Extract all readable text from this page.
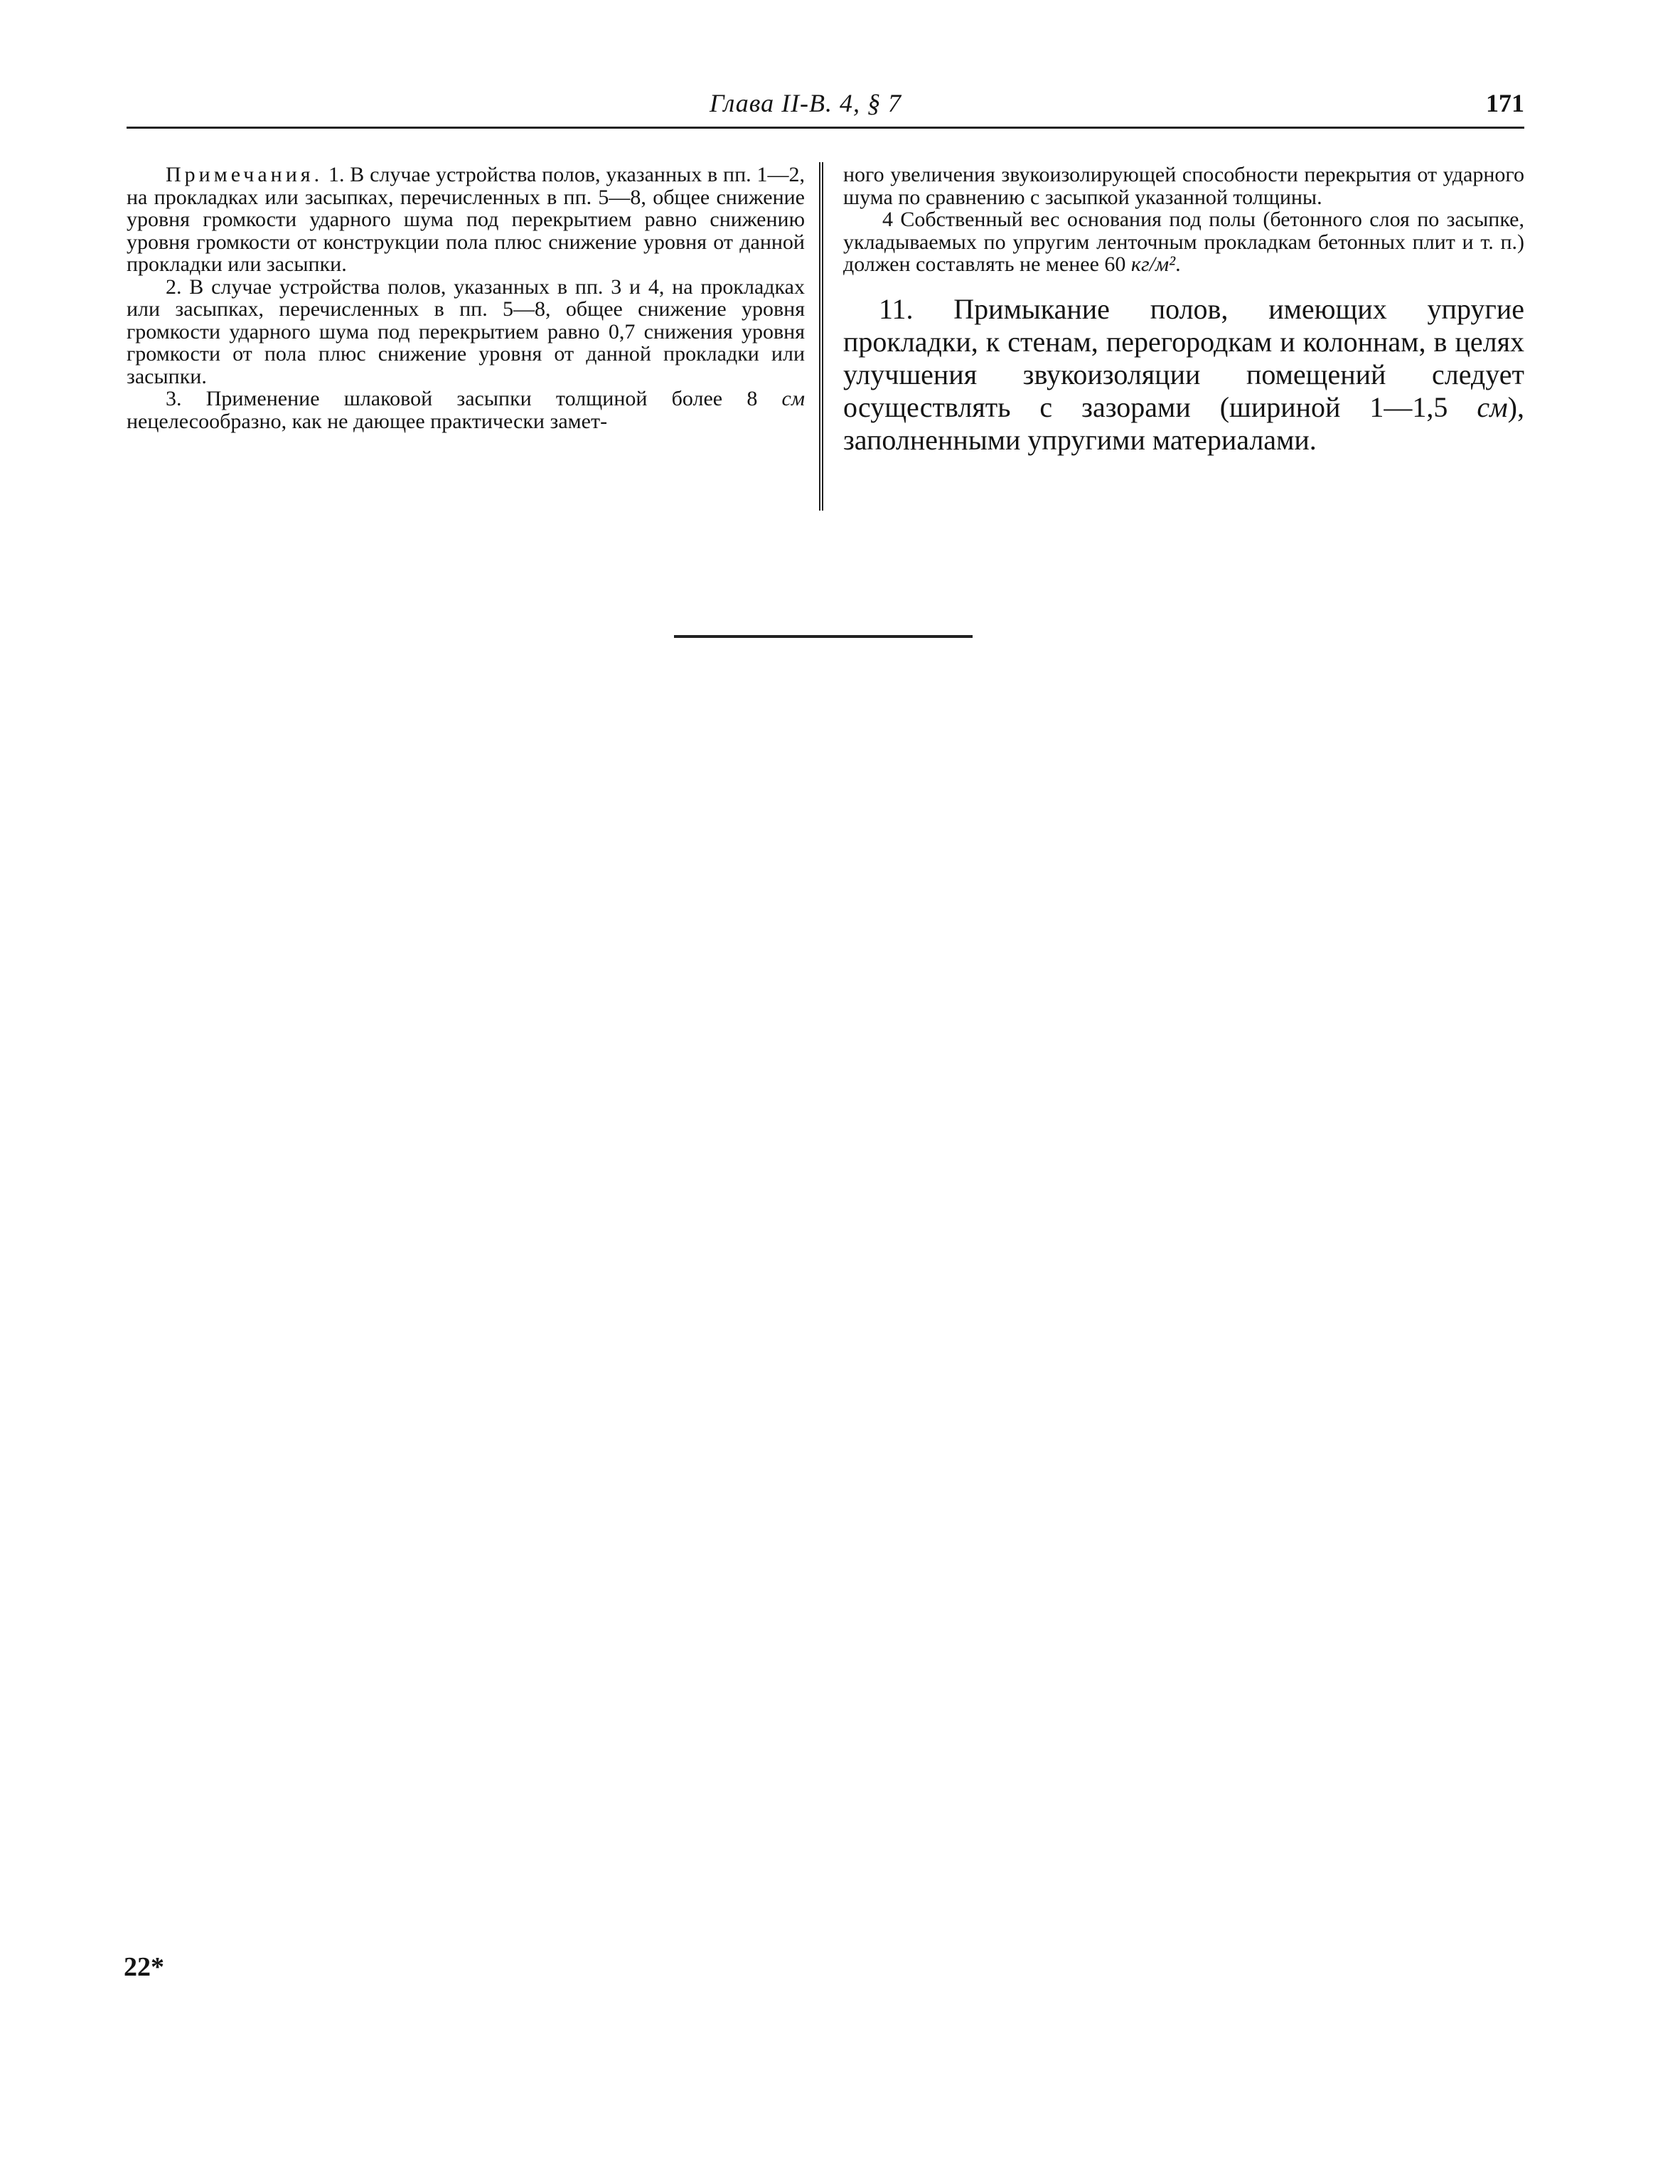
Глава II-В. 4, § 7	171

Примечания. 1. В случае устройства полов, указанных в пп. 1—2, на прокладках или засыпках, перечисленных в пп. 5—8, общее снижение уровня громкости ударного шума под перекрытием равно снижению уровня громкости от конструкции пола плюс снижение уровня от данной прокладки или засыпки.

2. В случае устройства полов, указанных в пп. 3 и 4, на прокладках или засыпках, перечисленных в пп. 5—8, общее снижение уровня громкости ударного шума под перекрытием равно 0,7 снижения уровня громкости от пола плюс снижение уровня от данной прокладки или засыпки.

3. Применение шлаковой засыпки толщиной более 8 см нецелесообразно, как не дающее практически замет-

ного увеличения звукоизолирующей способности перекрытия от ударного шума по сравнению с засыпкой указанной толщины.

4 Собственный вес основания под полы (бетонного слоя по засыпке, укладываемых по упругим ленточным прокладкам бетонных плит и т. п.) должен составлять не менее 60 кг/м².

11. Примыкание полов, имеющих упругие прокладки, к стенам, перегородкам и колоннам, в целях улучшения звукоизоляции помещений следует осуществлять с зазорами (шириной 1—1,5 см), заполненными упругими материалами.

22*
